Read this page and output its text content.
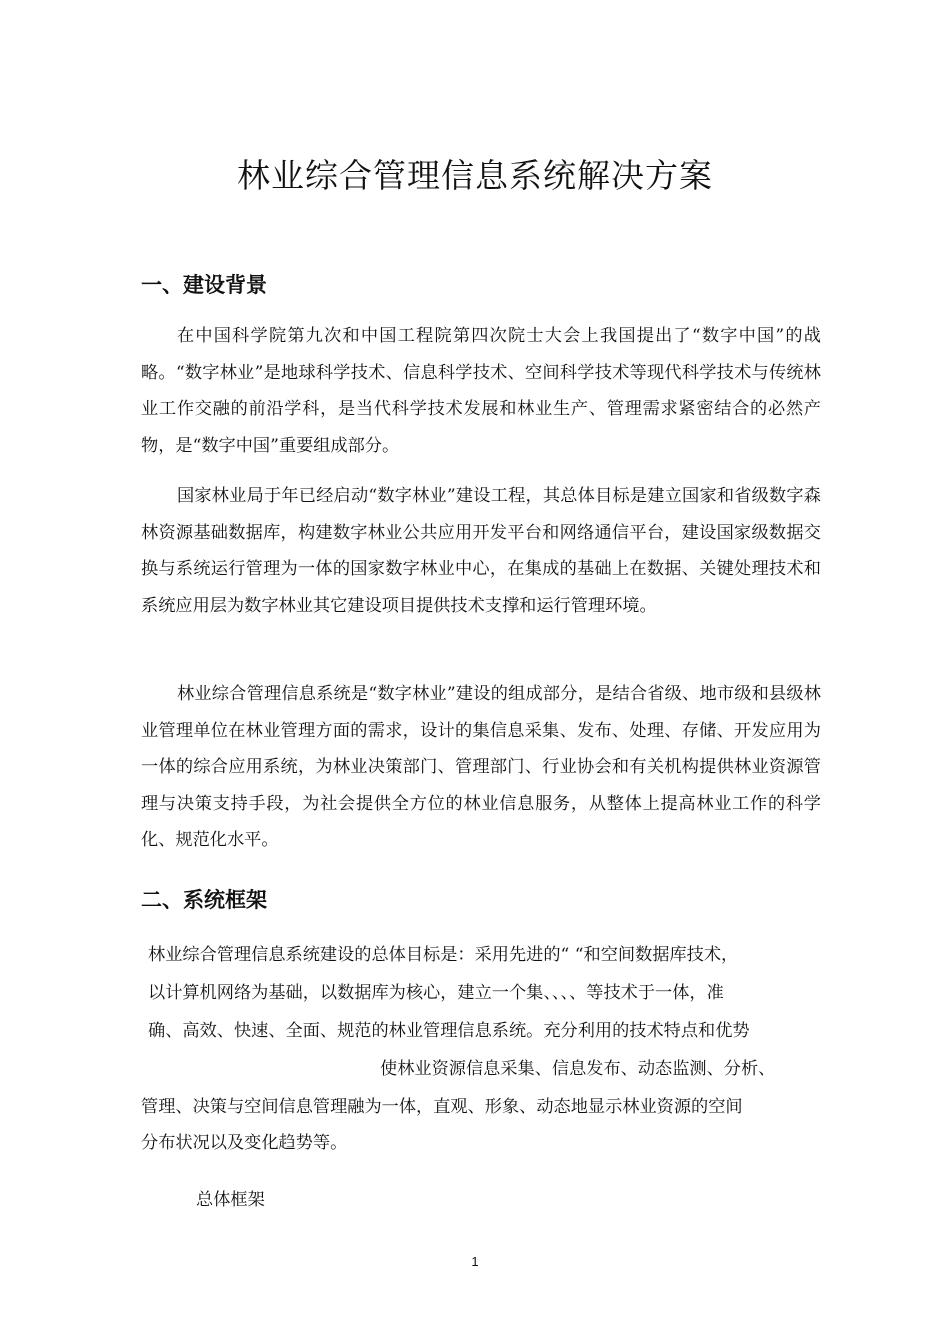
林业综合管理信息系统解决方案
一、建设背景

在中国科学院第九次和中国工程院第四次院士大会上我国提出了“数字中国”的战略。“数字林业”是地球科学技术、信息科学技术、空间科学技术等现代科学技术与传统林业工作交融的前沿学科，是当代科学技术发展和林业生产、管理需求紧密结合的必然产物，是“数字中国”重要组成部分。

国家林业局于年已经启动“数字林业”建设工程，其总体目标是建立国家和省级数字森林资源基础数据库，构建数字林业公共应用开发平台和网络通信平台，建设国家级数据交换与系统运行管理为一体的国家数字林业中心，在集成的基础上在数据、关键处理技术和系统应用层为数字林业其它建设项目提供技术支撑和运行管理环境。

林业综合管理信息系统是“数字林业”建设的组成部分，是结合省级、地市级和县级林业管理单位在林业管理方面的需求，设计的集信息采集、发布、处理、存储、开发应用为一体的综合应用系统，为林业决策部门、管理部门、行业协会和有关机构提供林业资源管理与决策支持手段，为社会提供全方位的林业信息服务，从整体上提高林业工作的科学化、规范化水平。

二、系统框架

林业综合管理信息系统建设的总体目标是：采用先进的“ “和空间数据库技术，

以计算机网络为基础，以数据库为核心，建立一个集、、、、等技术于一体，准

确、高效、快速、全面、规范的林业管理信息系统。充分利用的技术特点和优势

使林业资源信息采集、信息发布、动态监测、分析、

管理、决策与空间信息管理融为一体，直观、形象、动态地显示林业资源的空间

分布状况以及变化趋势等。

总体框架

1
